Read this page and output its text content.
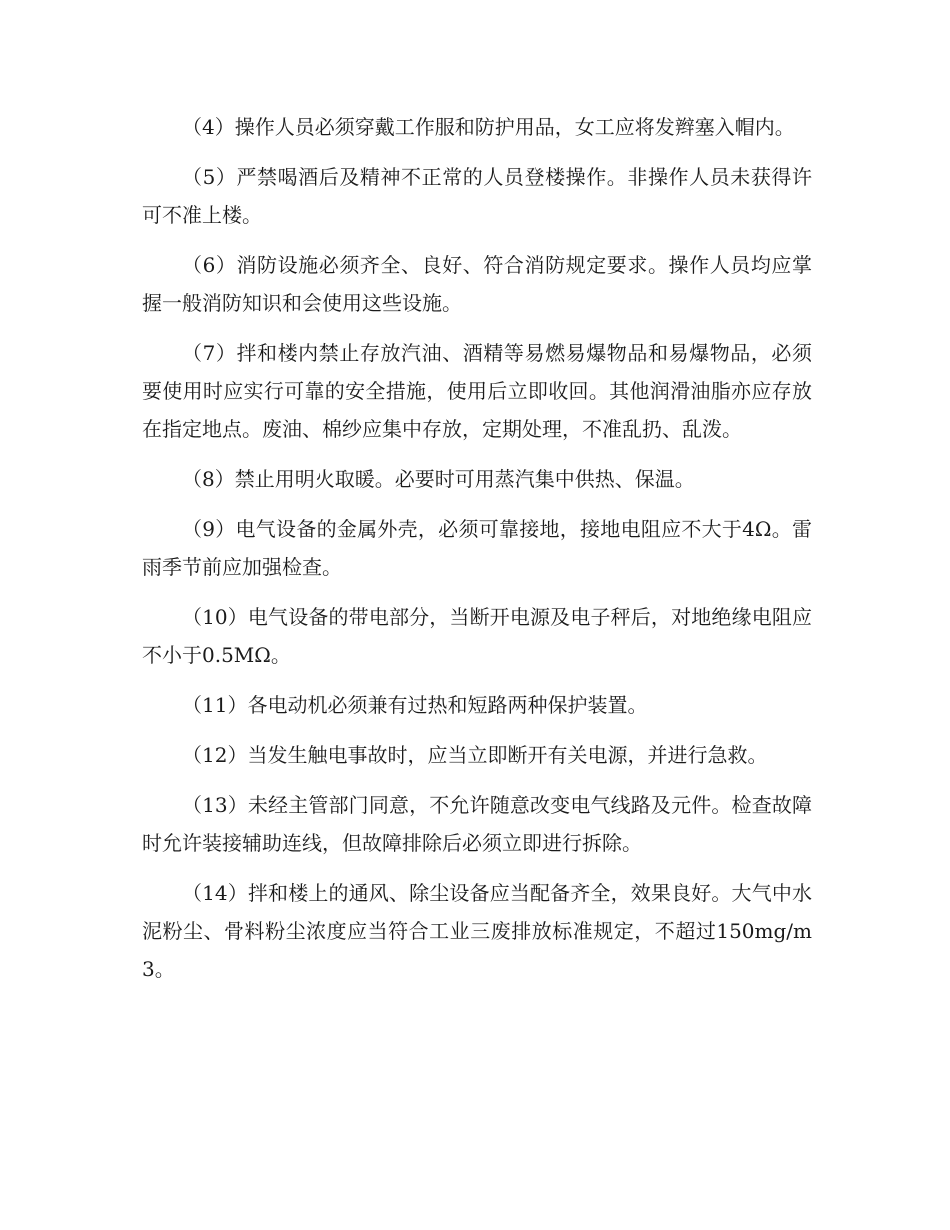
（4）操作人员必须穿戴工作服和防护用品，女工应将发辫塞入帽内。

（5）严禁喝酒后及精神不正常的人员登楼操作。非操作人员未获得许可不准上楼。

（6）消防设施必须齐全、良好、符合消防规定要求。操作人员均应掌握一般消防知识和会使用这些设施。

（7）拌和楼内禁止存放汽油、酒精等易燃易爆物品和易爆物品，必须要使用时应实行可靠的安全措施，使用后立即收回。其他润滑油脂亦应存放在指定地点。废油、棉纱应集中存放，定期处理，不准乱扔、乱泼。

（8）禁止用明火取暖。必要时可用蒸汽集中供热、保温。

（9）电气设备的金属外壳，必须可靠接地，接地电阻应不大于4Ω。雷雨季节前应加强检查。

（10）电气设备的带电部分，当断开电源及电子秤后，对地绝缘电阻应不小于0.5MΩ。

（11）各电动机必须兼有过热和短路两种保护装置。

（12）当发生触电事故时，应当立即断开有关电源，并进行急救。

（13）未经主管部门同意，不允许随意改变电气线路及元件。检查故障时允许装接辅助连线，但故障排除后必须立即进行拆除。

（14）拌和楼上的通风、除尘设备应当配备齐全，效果良好。大气中水泥粉尘、骨料粉尘浓度应当符合工业三废排放标准规定，不超过150mg/m3。
